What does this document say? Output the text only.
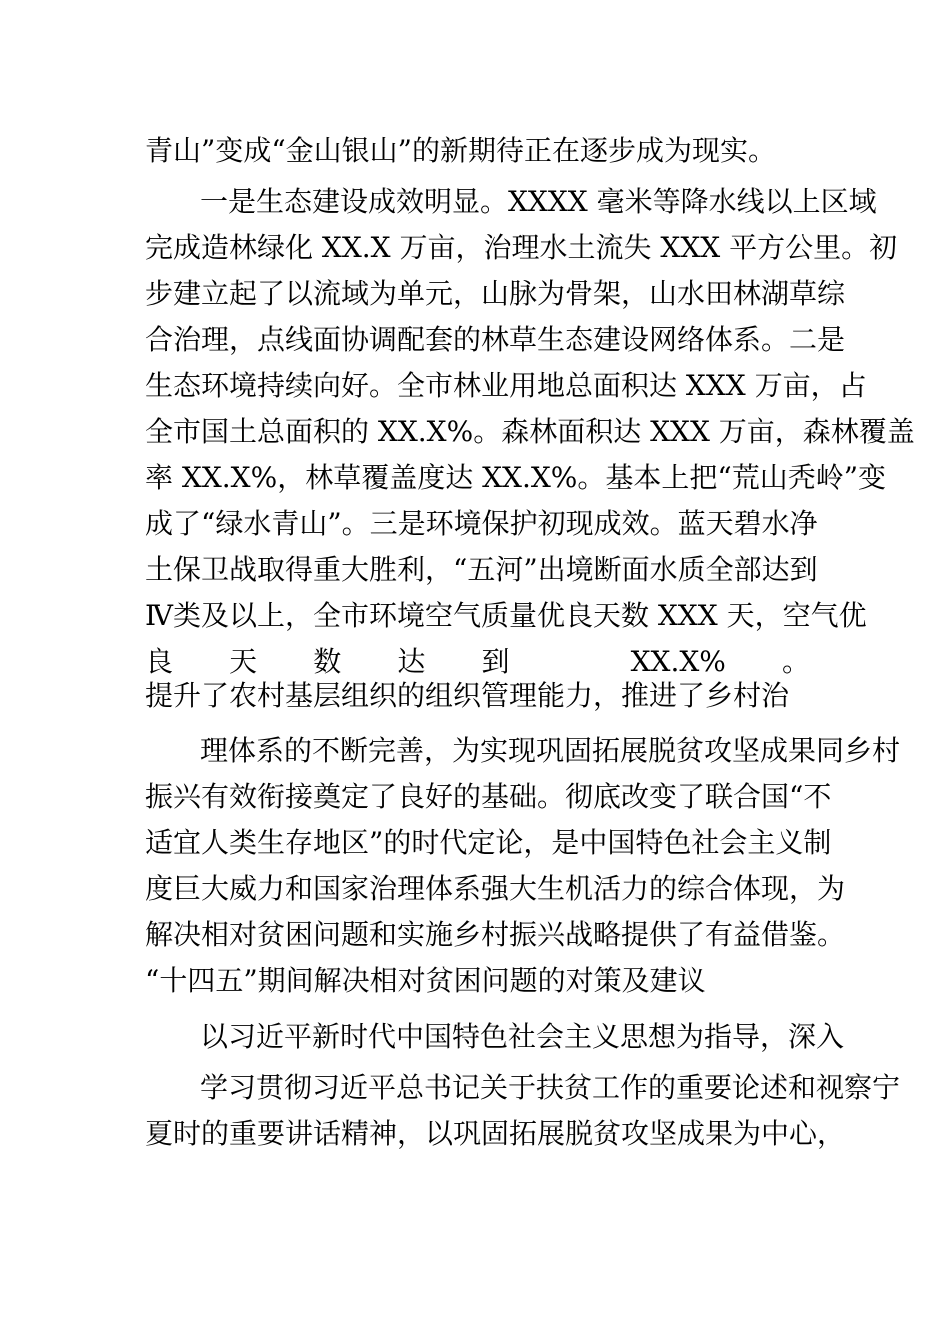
青山”变成“金山银山”的新期待正在逐步成为现实。

一是生态建设成效明显。XXXX 毫米等降水线以上区域

完成造林绿化 XX.X 万亩，治理水土流失 XXX 平方公里。初

步建立起了以流域为单元，山脉为骨架，山水田林湖草综

合治理，点线面协调配套的林草生态建设网络体系。二是

生态环境持续向好。全市林业用地总面积达 XXX 万亩，占

全市国土总面积的 XX.X%。森林面积达 XXX 万亩，森林覆盖

率 XX.X%，林草覆盖度达 XX.X%。基本上把“荒山秃岭”变

成了“绿水青山”。三是环境保护初现成效。蓝天碧水净

土保卫战取得重大胜利，“五河”出境断面水质全部达到

Ⅳ类及以上，全市环境空气质量优良天数 XXX 天，空气优

良天数达到 XX.X%。

提升了农村基层组织的组织管理能力，推进了乡村治

理体系的不断完善，为实现巩固拓展脱贫攻坚成果同乡村

振兴有效衔接奠定了良好的基础。彻底改变了联合国“不

适宜人类生存地区”的时代定论，是中国特色社会主义制

度巨大威力和国家治理体系强大生机活力的综合体现，为

解决相对贫困问题和实施乡村振兴战略提供了有益借鉴。

“十四五”期间解决相对贫困问题的对策及建议

以习近平新时代中国特色社会主义思想为指导，深入

学习贯彻习近平总书记关于扶贫工作的重要论述和视察宁

夏时的重要讲话精神，以巩固拓展脱贫攻坚成果为中心，
